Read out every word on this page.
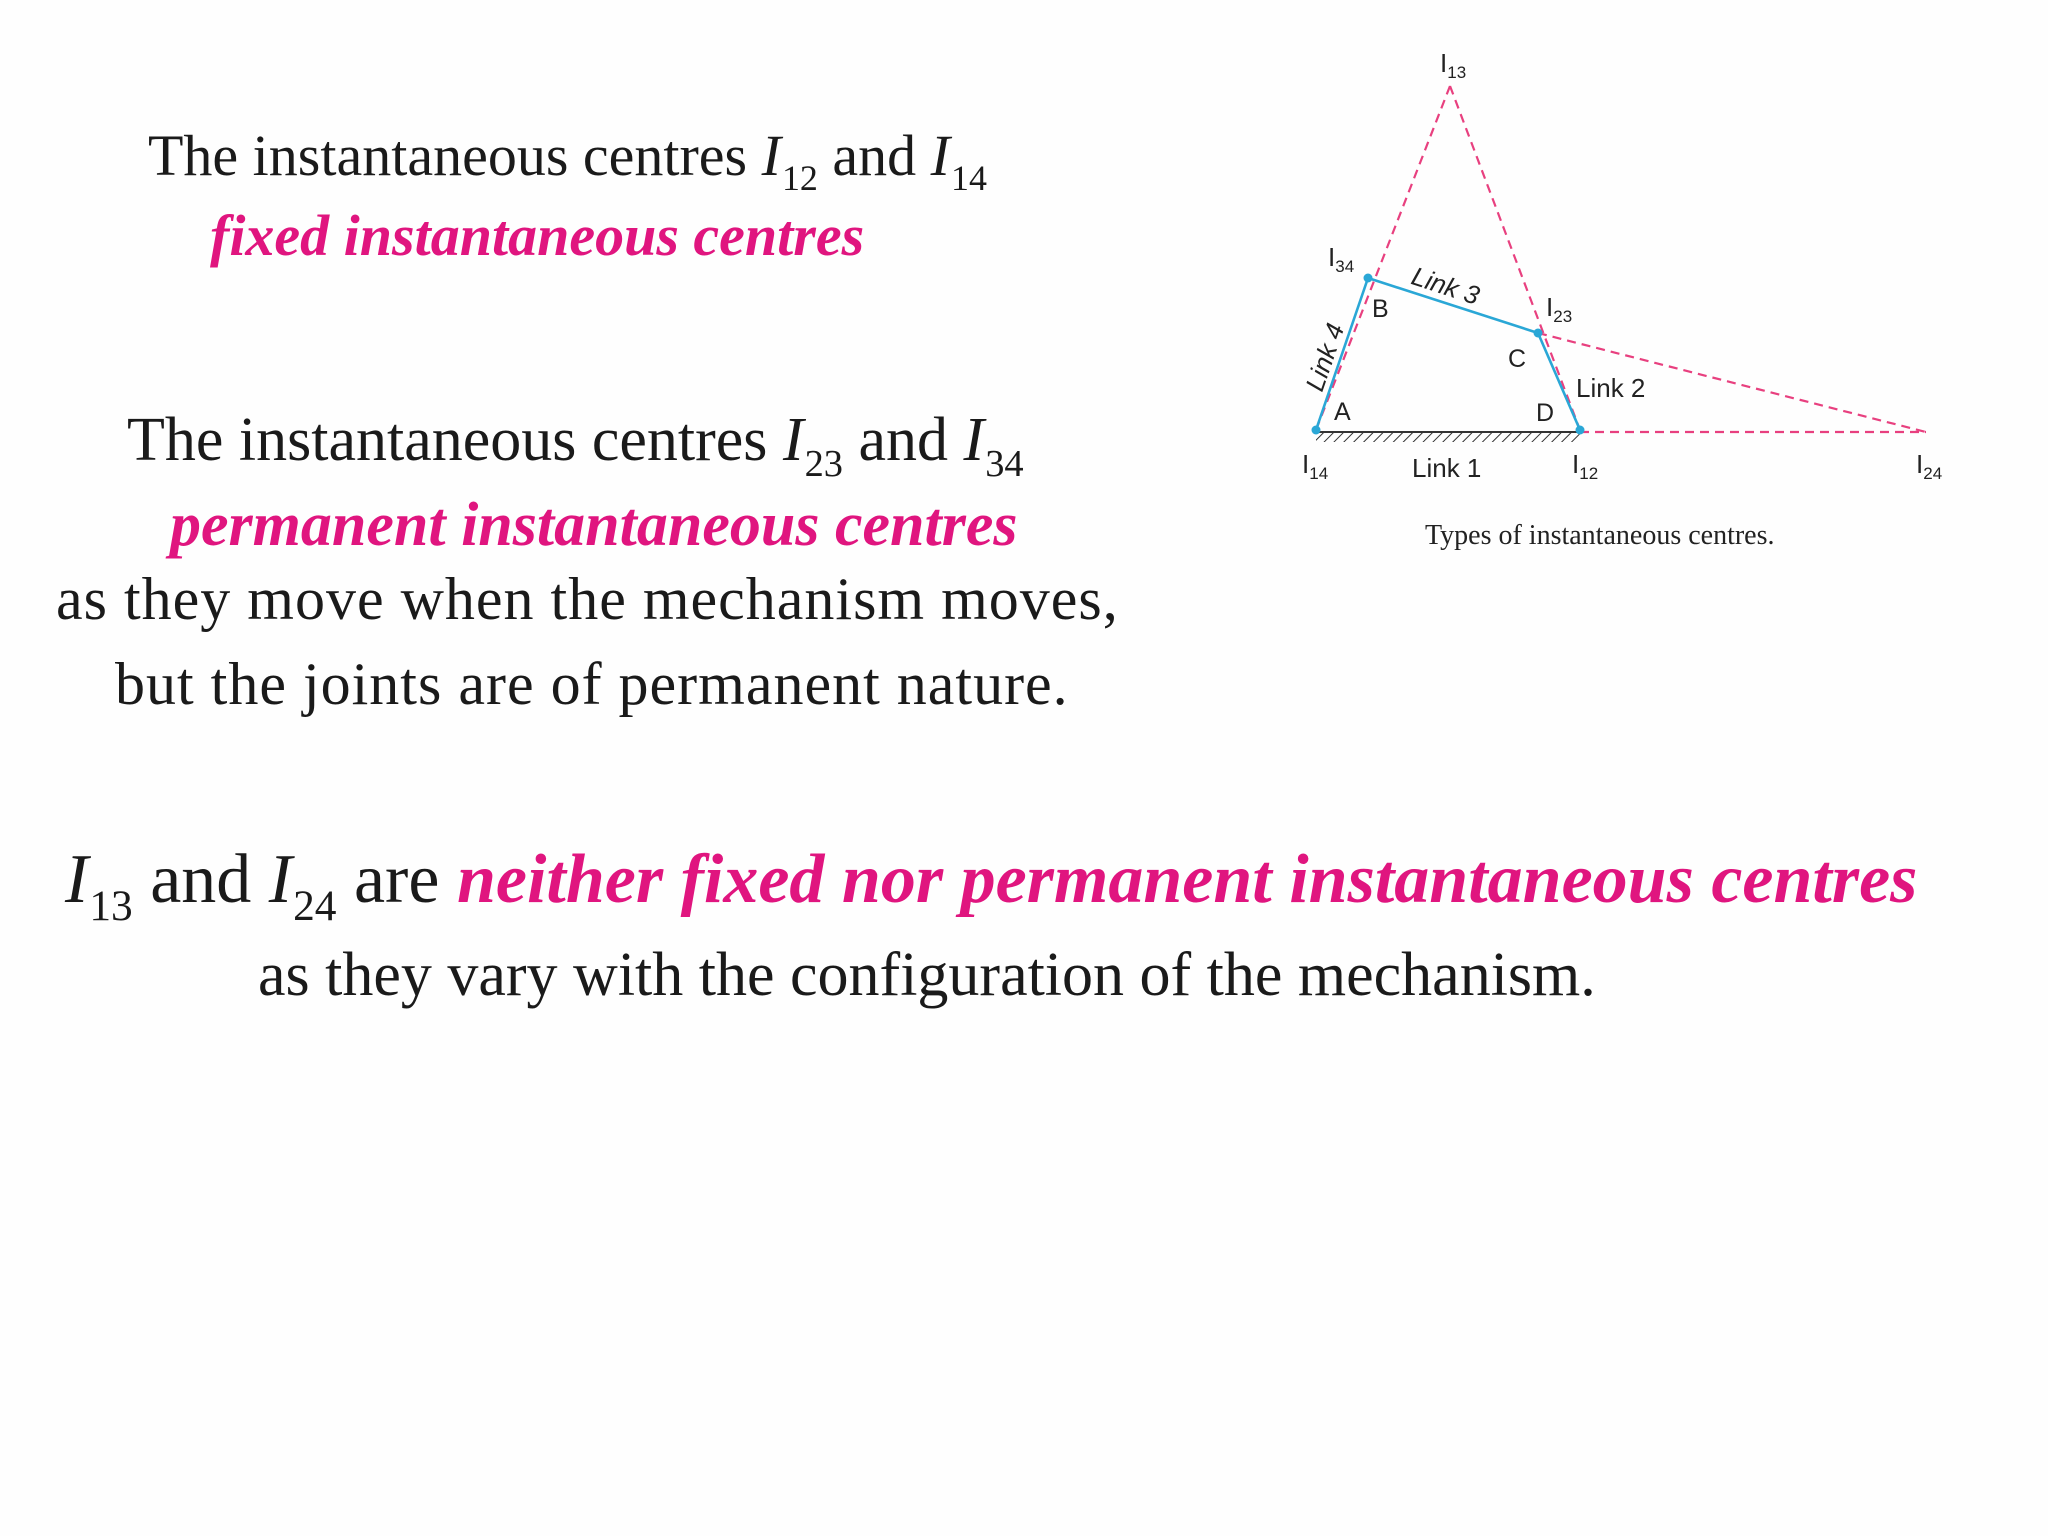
The instantaneous centres $I_{12}$ and $I_{14}$
fixed instantaneous centres
The instantaneous centres $I_{23}$ and $I_{34}$
permanent instantaneous centres
as they move when the mechanism moves,
but the joints are of permanent nature.
$I_{13}$ and $I_{24}$ are neither fixed nor permanent instantaneous centres
as they vary with the configuration of the mechanism.
$I_{13}$
$I_{34}$
$I_{23}$
$I_{14}$	$I_{12}$	$I_{24}$
A
B
C
D
Link 1
Link 2
Link 3
Link 4
Types of instantaneous centres.
